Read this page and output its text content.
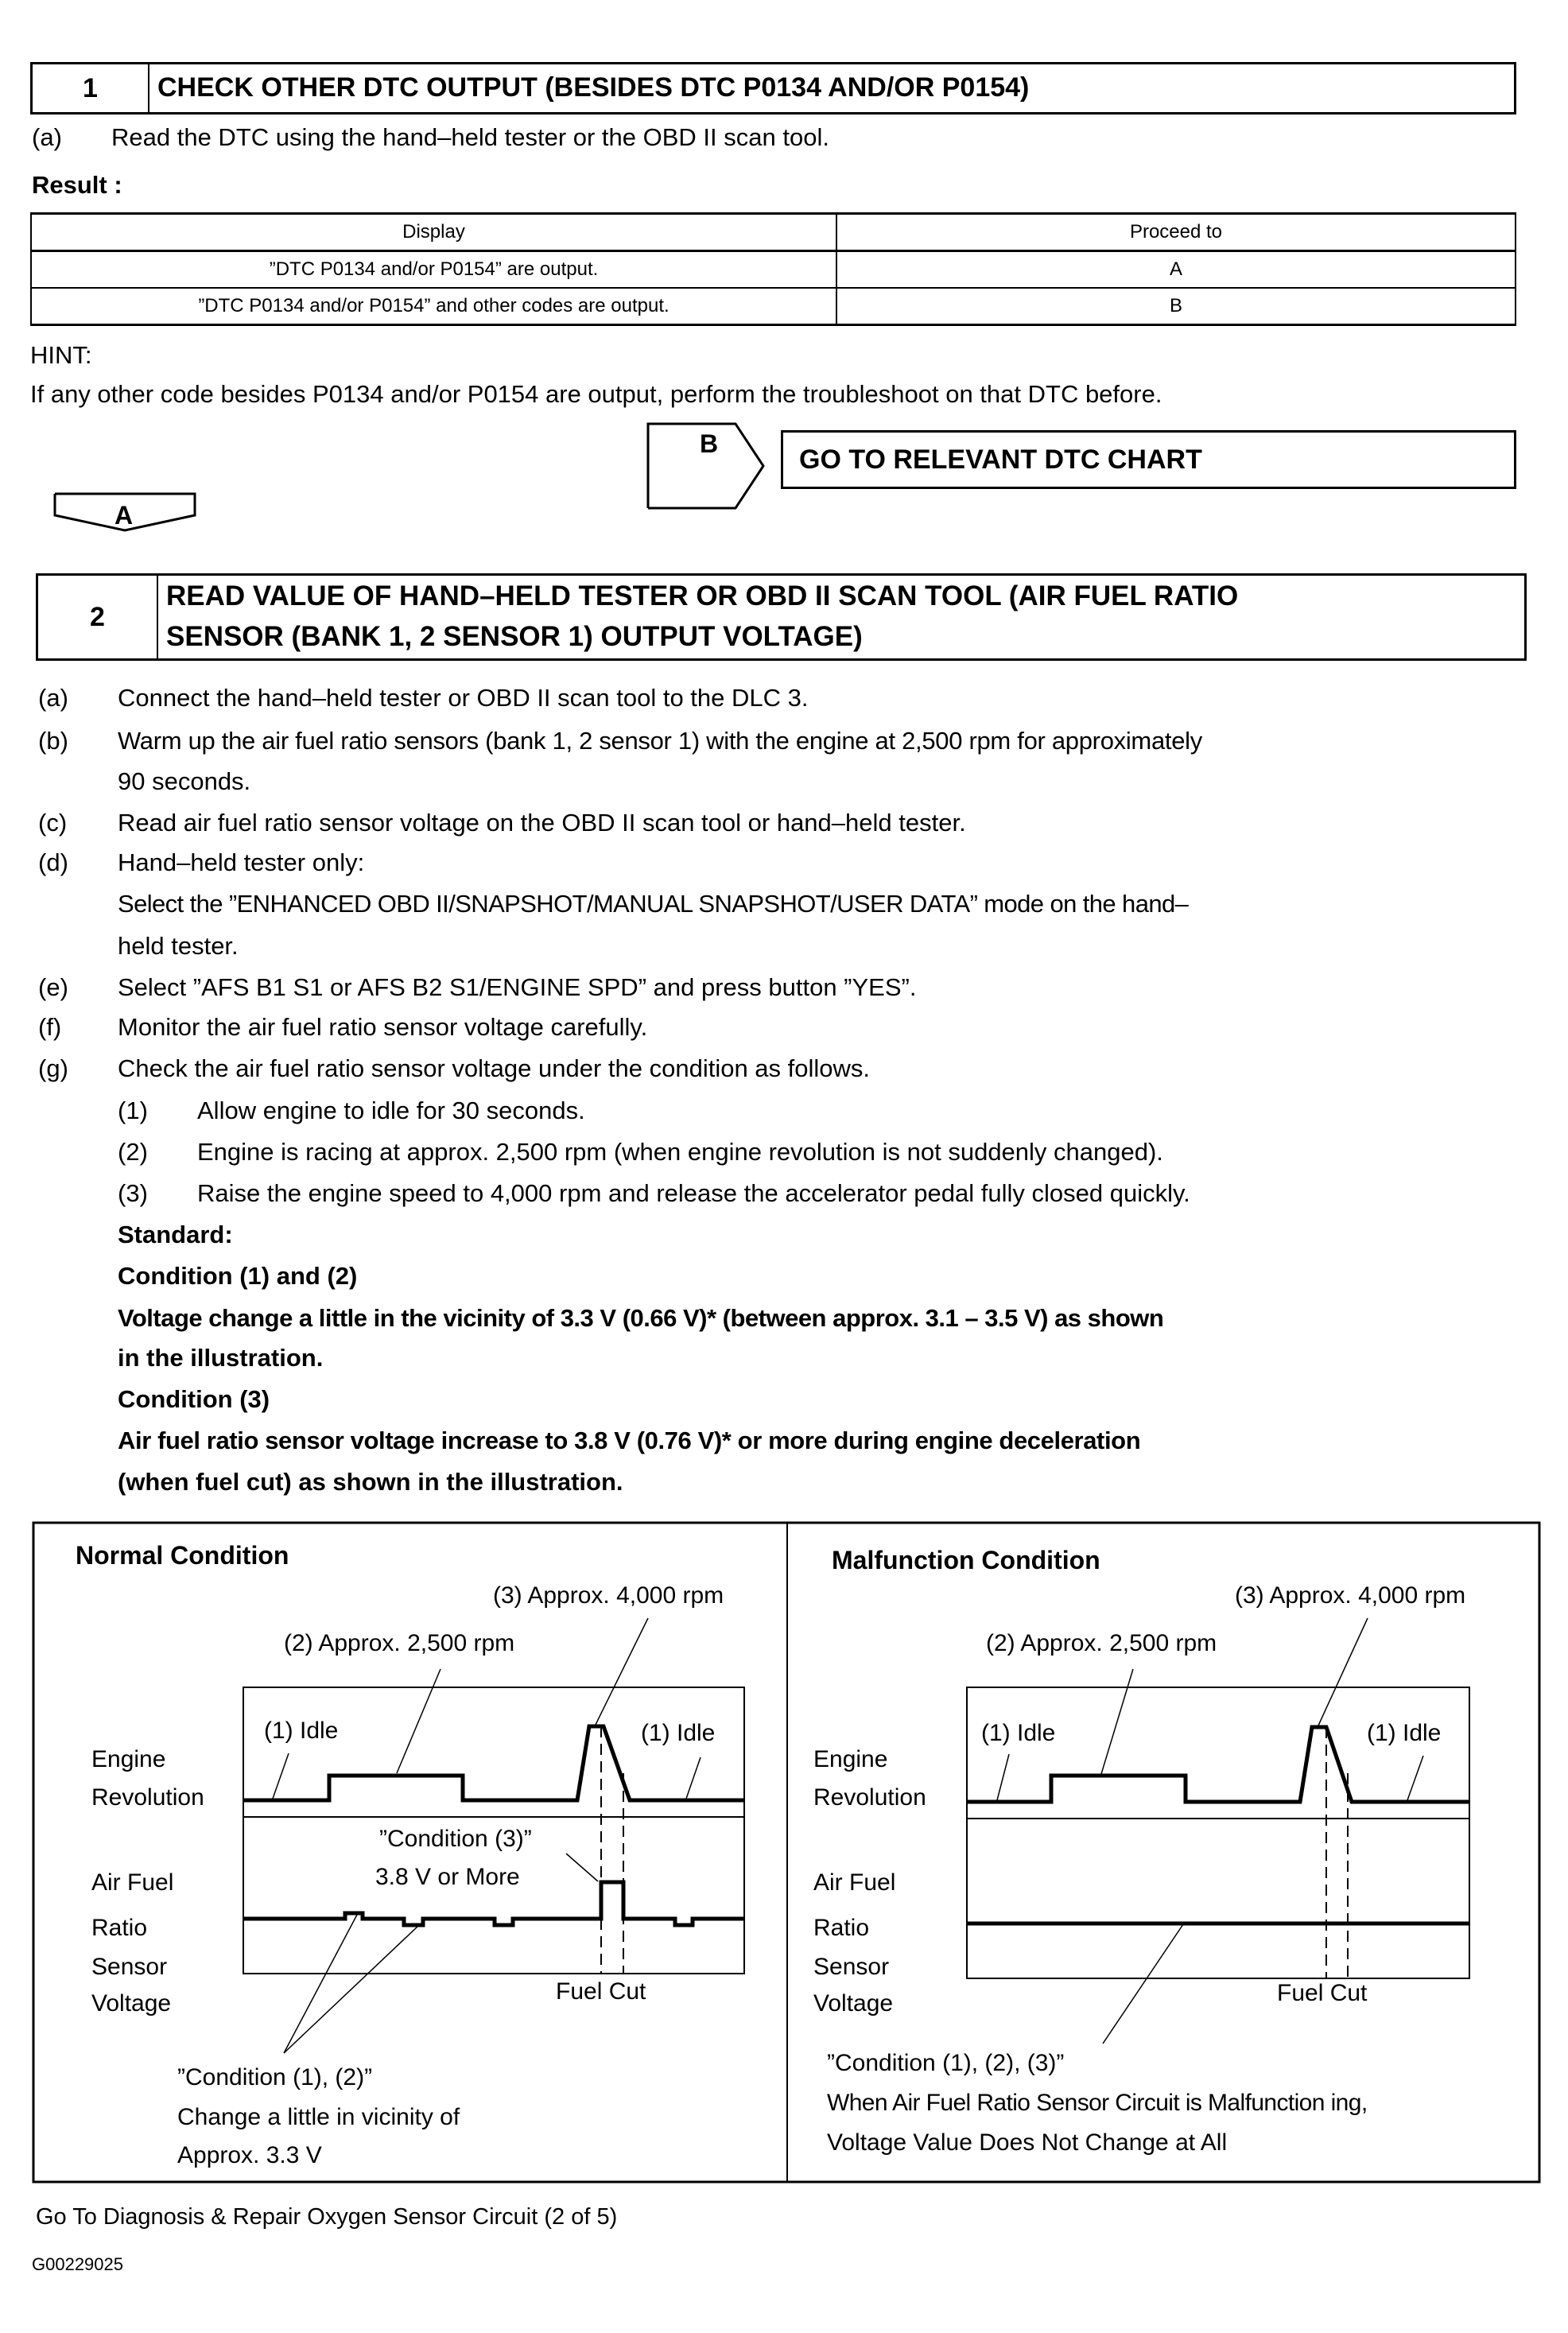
1	CHECK OTHER DTC OUTPUT (BESIDES DTC P0134 AND/OR P0154)
(a) Read the DTC using the hand–held tester or the OBD II scan tool.
Result :
Display	Proceed to
”DTC P0134 and/or P0154” are output.	A
”DTC P0134 and/or P0154” and other codes are output.	B
HINT:
If any other code besides P0134 and/or P0154 are output, perform the troubleshoot on that DTC before.
B
GO TO RELEVANT DTC CHART
A
2
READ VALUE OF HAND–HELD TESTER OR OBD II SCAN TOOL (AIR FUEL RATIO
SENSOR (BANK 1, 2 SENSOR 1) OUTPUT VOLTAGE)
(a) Connect the hand–held tester or OBD II scan tool to the DLC 3.
(b) Warm up the air fuel ratio sensors (bank 1, 2 sensor 1) with the engine at 2,500 rpm for approximately
90 seconds.
(c) Read air fuel ratio sensor voltage on the OBD II scan tool or hand–held tester.
(d) Hand–held tester only:
Select the ”ENHANCED OBD II/SNAPSHOT/MANUAL SNAPSHOT/USER DATA” mode on the hand–
held tester.
(e) Select ”AFS B1 S1 or AFS B2 S1/ENGINE SPD” and press button ”YES”.
(f) Monitor the air fuel ratio sensor voltage carefully.
(g) Check the air fuel ratio sensor voltage under the condition as follows.
(1) Allow engine to idle for 30 seconds.
(2) Engine is racing at approx. 2,500 rpm (when engine revolution is not suddenly changed).
(3) Raise the engine speed to 4,000 rpm and release the accelerator pedal fully closed quickly.
Standard:
Condition (1) and (2)
Voltage change a little in the vicinity of 3.3 V (0.66 V)* (between approx. 3.1 – 3.5 V) as shown
in the illustration.
Condition (3)
Air fuel ratio sensor voltage increase to 3.8 V (0.76 V)* or more during engine deceleration
(when fuel cut) as shown in the illustration.
Normal Condition
(3) Approx. 4,000 rpm
(2) Approx. 2,500 rpm
(1) Idle	(1) Idle
Engine
Revolution
”Condition (3)”
3.8 V or More
Air Fuel
Ratio
Sensor
Voltage	Fuel Cut
”Condition (1), (2)”
Change a little in vicinity of
Approx. 3.3 V
Malfunction Condition
(3) Approx. 4,000 rpm
(2) Approx. 2,500 rpm
(1) Idle	(1) Idle
Engine
Revolution
Air Fuel
Ratio
Sensor
Voltage	Fuel Cut
”Condition (1), (2), (3)”
When Air Fuel Ratio Sensor Circuit is Malfunction ing,
Voltage Value Does Not Change at All
Go To Diagnosis & Repair Oxygen Sensor Circuit (2 of 5)
G00229025
